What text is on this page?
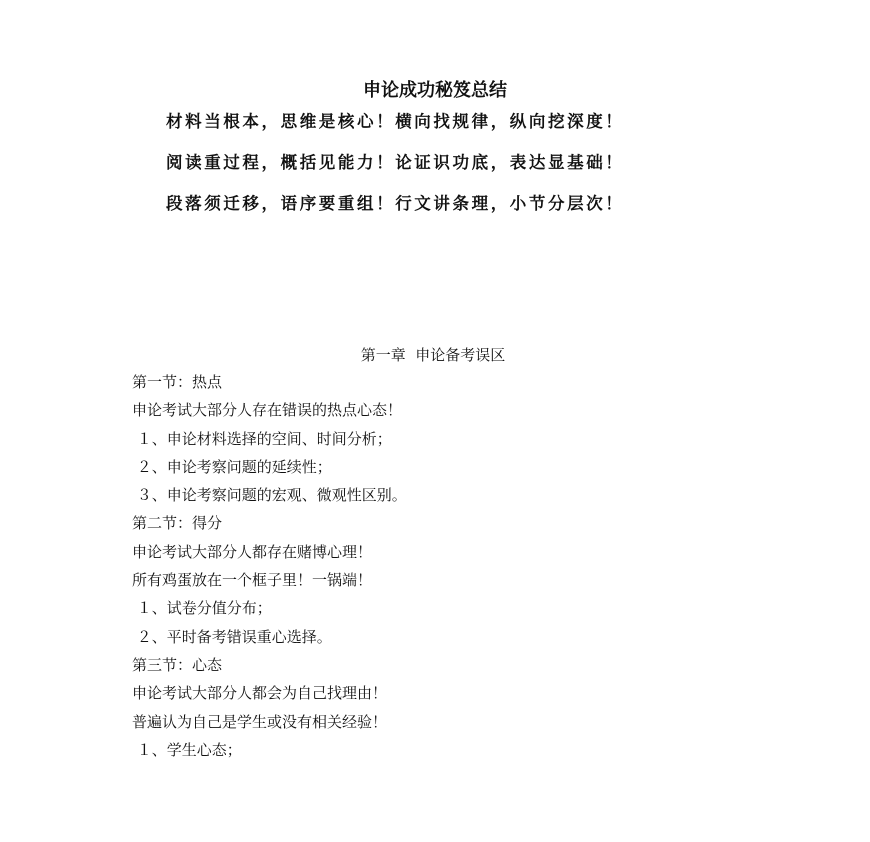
申论成功秘笈总结
材料当根本，思维是核心！横向找规律，纵向挖深度！
阅读重过程，概括见能力！论证识功底，表达显基础！
段落须迁移，语序要重组！行文讲条理，小节分层次！
第一章  申论备考误区
第一节：热点
申论考试大部分人存在错误的热点心态！
１、申论材料选择的空间、时间分析；
２、申论考察问题的延续性；
３、申论考察问题的宏观、微观性区别。
第二节：得分
申论考试大部分人都存在赌博心理！
所有鸡蛋放在一个框子里！一锅端！
１、试卷分值分布；
２、平时备考错误重心选择。
第三节：心态
申论考试大部分人都会为自己找理由！
普遍认为自己是学生或没有相关经验！
１、学生心态；
